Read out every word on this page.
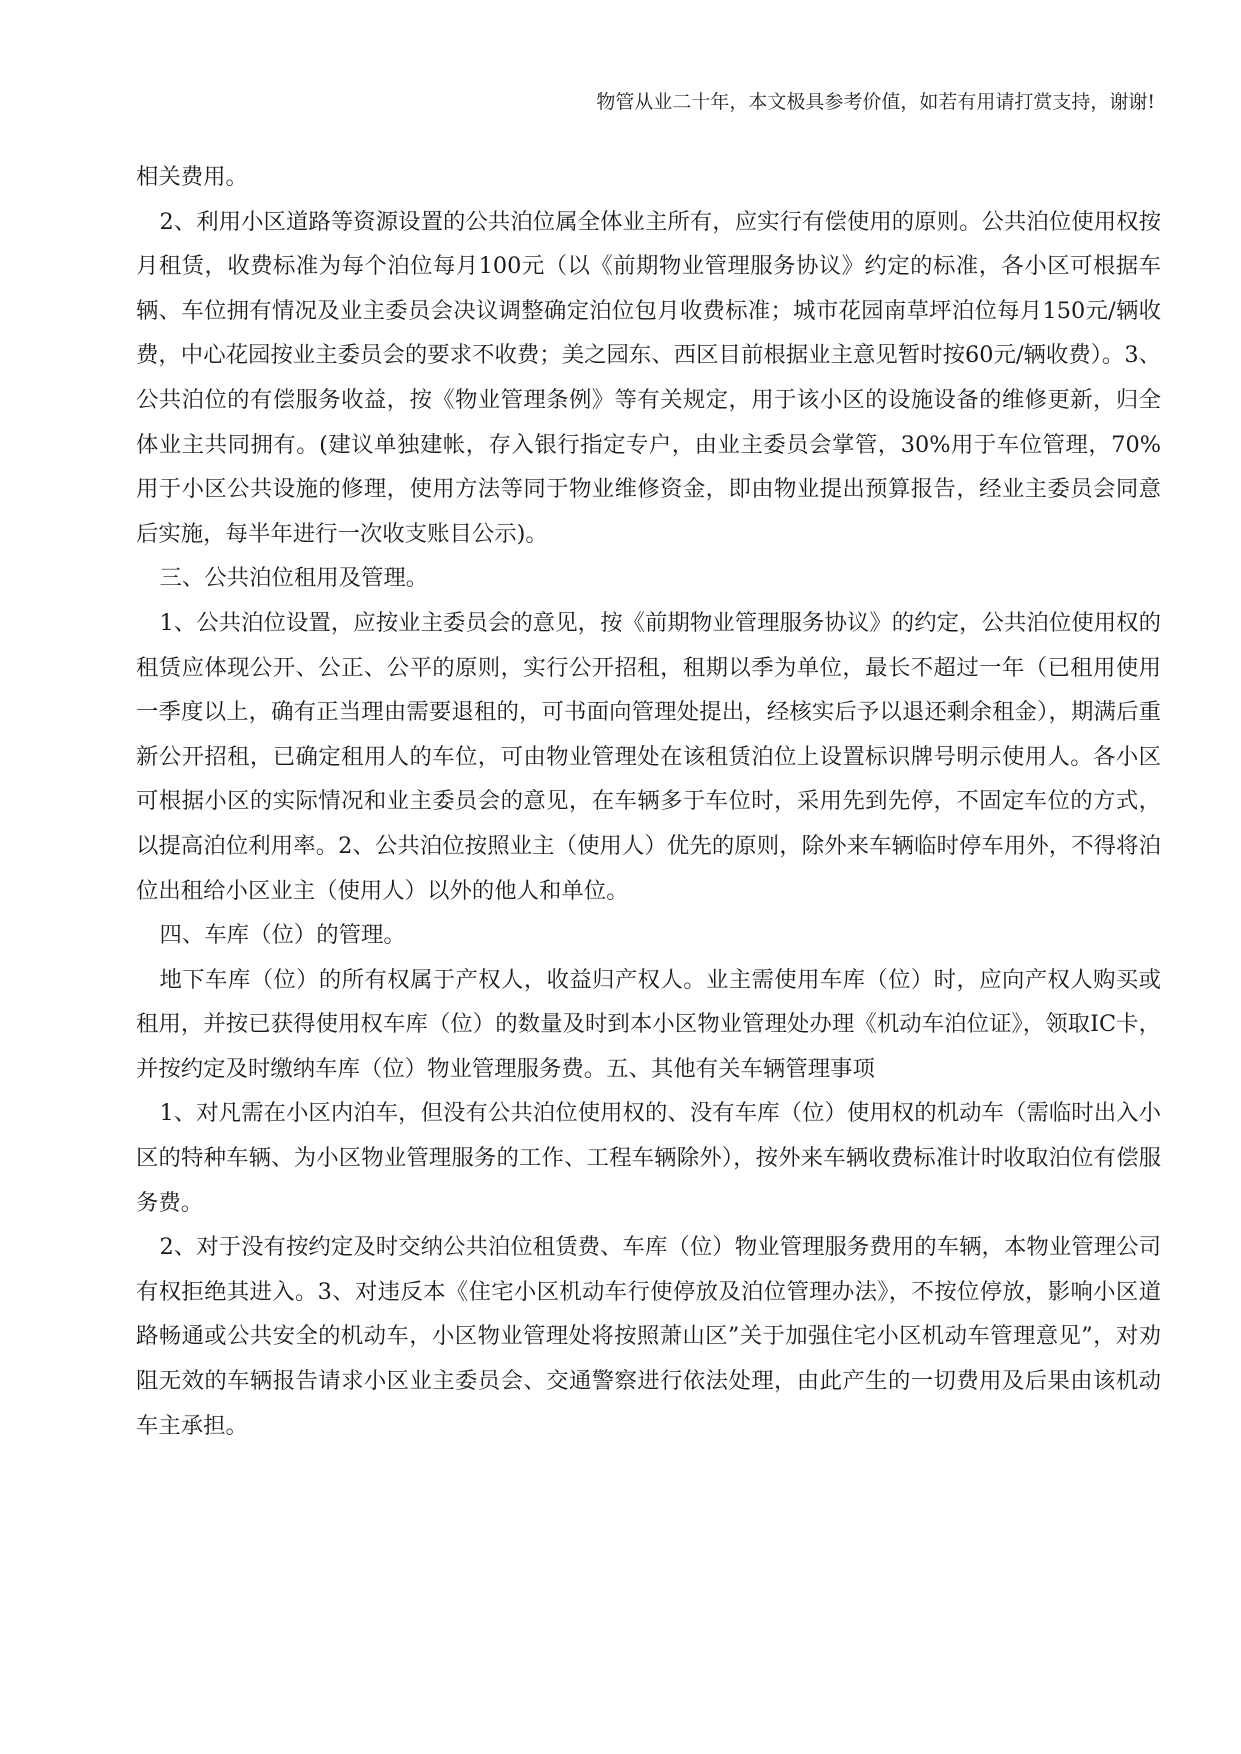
物管从业二十年，本文极具参考价值，如若有用请打赏支持，谢谢!

相关费用。

2、利用小区道路等资源设置的公共泊位属全体业主所有，应实行有偿使用的原则。公共泊位使用权按月租赁，收费标准为每个泊位每月100元（以《前期物业管理服务协议》约定的标准，各小区可根据车辆、车位拥有情况及业主委员会决议调整确定泊位包月收费标准；城市花园南草坪泊位每月150元/辆收费，中心花园按业主委员会的要求不收费；美之园东、西区目前根据业主意见暂时按60元/辆收费）。3、公共泊位的有偿服务收益，按《物业管理条例》等有关规定，用于该小区的设施设备的维修更新，归全体业主共同拥有。(建议单独建帐，存入银行指定专户，由业主委员会掌管，30%用于车位管理，70%用于小区公共设施的修理，使用方法等同于物业维修资金，即由物业提出预算报告，经业主委员会同意后实施，每半年进行一次收支账目公示)。

三、公共泊位租用及管理。

1、公共泊位设置，应按业主委员会的意见，按《前期物业管理服务协议》的约定，公共泊位使用权的租赁应体现公开、公正、公平的原则，实行公开招租，租期以季为单位，最长不超过一年（已租用使用一季度以上，确有正当理由需要退租的，可书面向管理处提出，经核实后予以退还剩余租金），期满后重新公开招租，已确定租用人的车位，可由物业管理处在该租赁泊位上设置标识牌号明示使用人。各小区可根据小区的实际情况和业主委员会的意见，在车辆多于车位时，采用先到先停，不固定车位的方式，以提高泊位利用率。2、公共泊位按照业主（使用人）优先的原则，除外来车辆临时停车用外，不得将泊位出租给小区业主（使用人）以外的他人和单位。

四、车库（位）的管理。

地下车库（位）的所有权属于产权人，收益归产权人。业主需使用车库（位）时，应向产权人购买或租用，并按已获得使用权车库（位）的数量及时到本小区物业管理处办理《机动车泊位证》，领取IC卡，并按约定及时缴纳车库（位）物业管理服务费。五、其他有关车辆管理事项

1、对凡需在小区内泊车，但没有公共泊位使用权的、没有车库（位）使用权的机动车（需临时出入小区的特种车辆、为小区物业管理服务的工作、工程车辆除外），按外来车辆收费标准计时收取泊位有偿服务费。

2、对于没有按约定及时交纳公共泊位租赁费、车库（位）物业管理服务费用的车辆，本物业管理公司有权拒绝其进入。3、对违反本《住宅小区机动车行使停放及泊位管理办法》，不按位停放，影响小区道路畅通或公共安全的机动车，小区物业管理处将按照萧山区”关于加强住宅小区机动车管理意见”，对劝阻无效的车辆报告请求小区业主委员会、交通警察进行依法处理，由此产生的一切费用及后果由该机动车主承担。
